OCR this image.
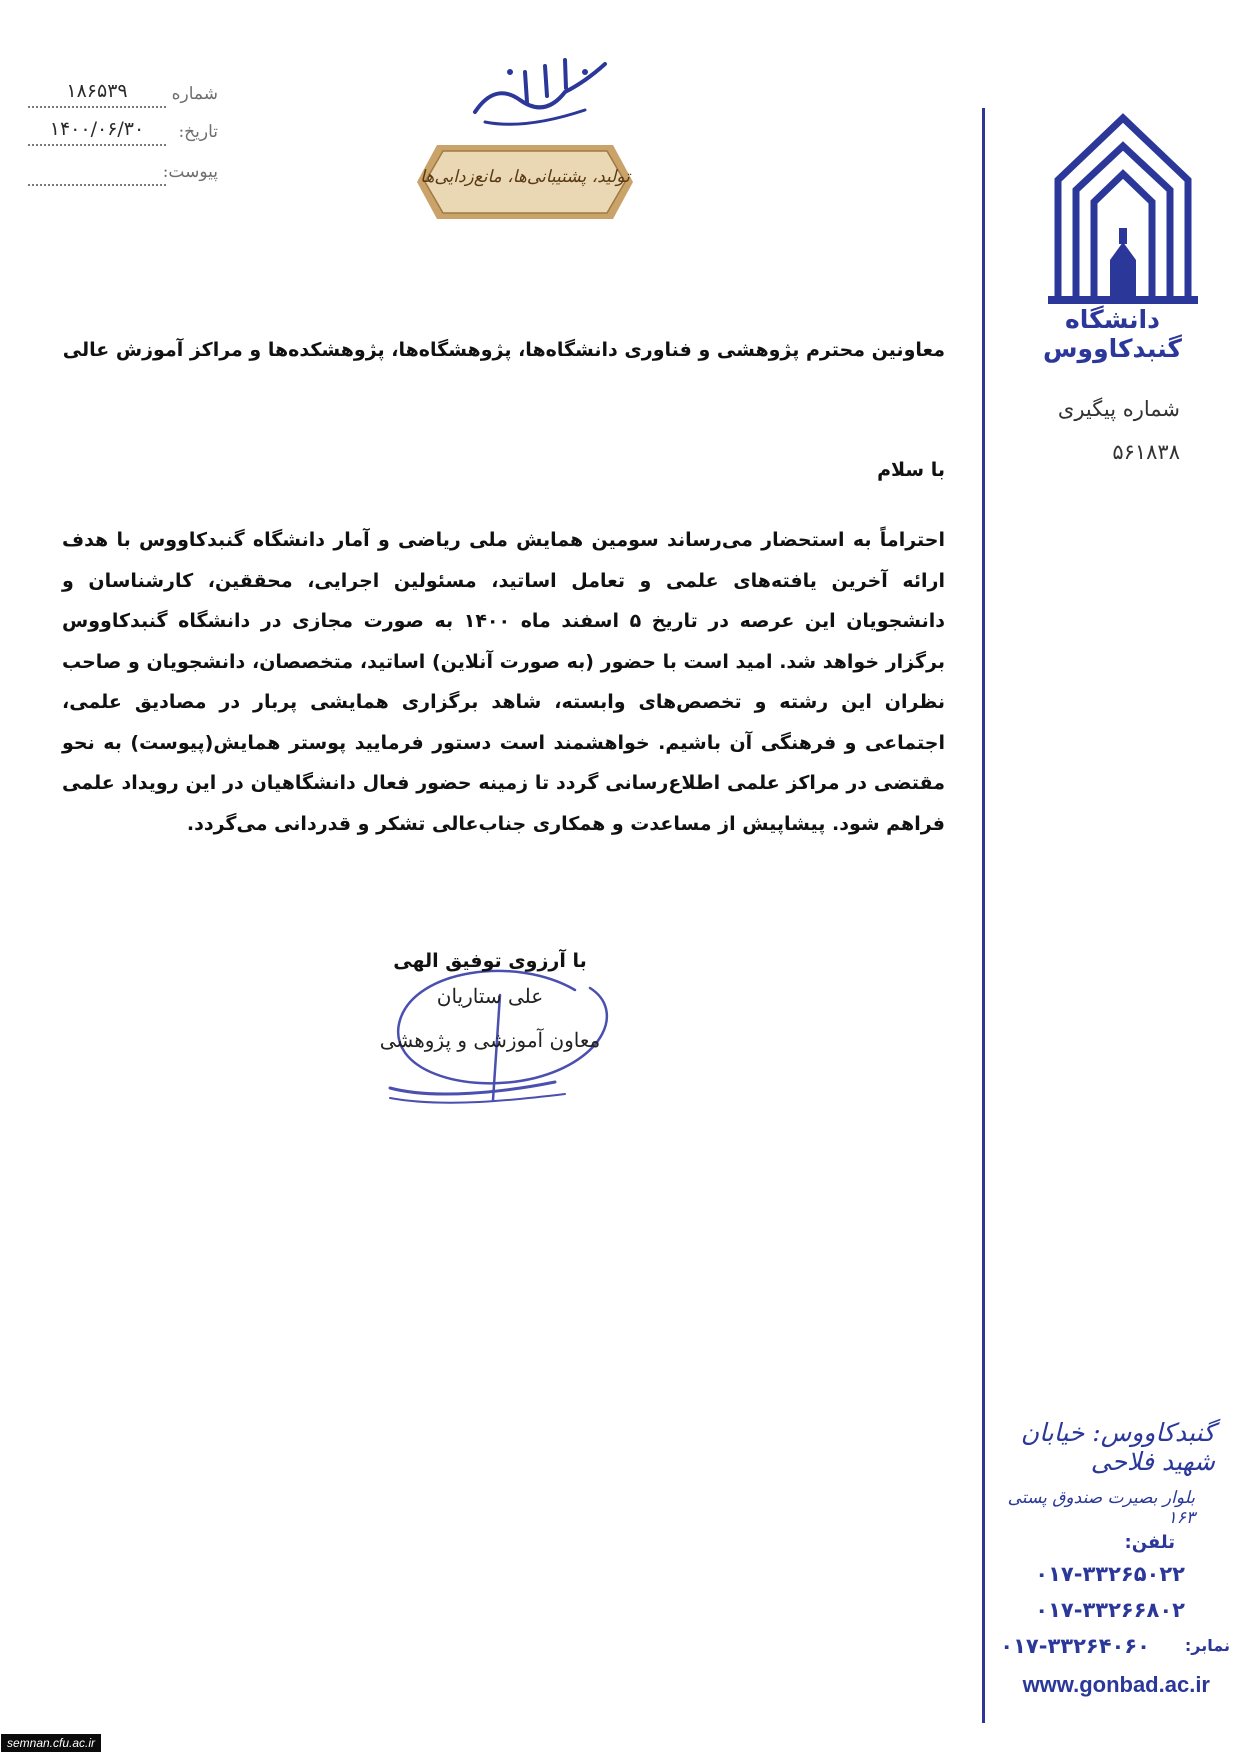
شماره
۱۸۶۵۳۹
تاریخ:
۱۴۰۰/۰۶/۳۰
پیوست:	تولید، پشتیبانی‌ها، مانع‌زدایی‌ها
دانشگاه گنبدکاووس
شماره پیگیری
۵۶۱۸۳۸
معاونین محترم پژوهشی و فناوری دانشگاه‌ها، پژوهشگاه‌ها، پژوهشکده‌ها و مراکز آموزش عالی
با سلام
احتراماً به استحضار می‌رساند سومین همایش ملی ریاضی و آمار دانشگاه گنبدکاووس با هدف ارائه آخرین یافته‌های علمی و تعامل اساتید، مسئولین اجرایی، محققین، کارشناسان و دانشجویان این عرصه در تاریخ ۵ اسفند ماه ۱۴۰۰ به صورت مجازی در دانشگاه گنبدکاووس برگزار خواهد شد. امید است با حضور (به صورت آنلاین) اساتید، متخصصان، دانشجویان و صاحب نظران این رشته و تخصص‌های وابسته، شاهد برگزاری همایشی پربار در مصادیق علمی، اجتماعی و فرهنگی آن باشیم. خواهشمند است دستور فرمایید پوستر همایش(پیوست) به نحو مقتضی در مراکز علمی اطلاع‌رسانی گردد تا زمینه حضور فعال دانشگاهیان در این رویداد علمی فراهم شود. پیشاپیش از مساعدت و همکاری جناب‌عالی تشکر و قدردانی می‌گردد.
با آرزوی توفیق الهی
علی ستاریان
معاون آموزشی و پژوهشی
گنبدکاووس: خیابان شهید فلاحی
بلوار بصیرت صندوق پستی ۱۶۳
تلفن:
۰۱۷-۳۳۲۶۵۰۲۲
۰۱۷-۳۳۲۶۶۸۰۲
۰۱۷-۳۳۲۶۴۰۶۰	نمابر:
www.gonbad.ac.ir
semnan.cfu.ac.ir
